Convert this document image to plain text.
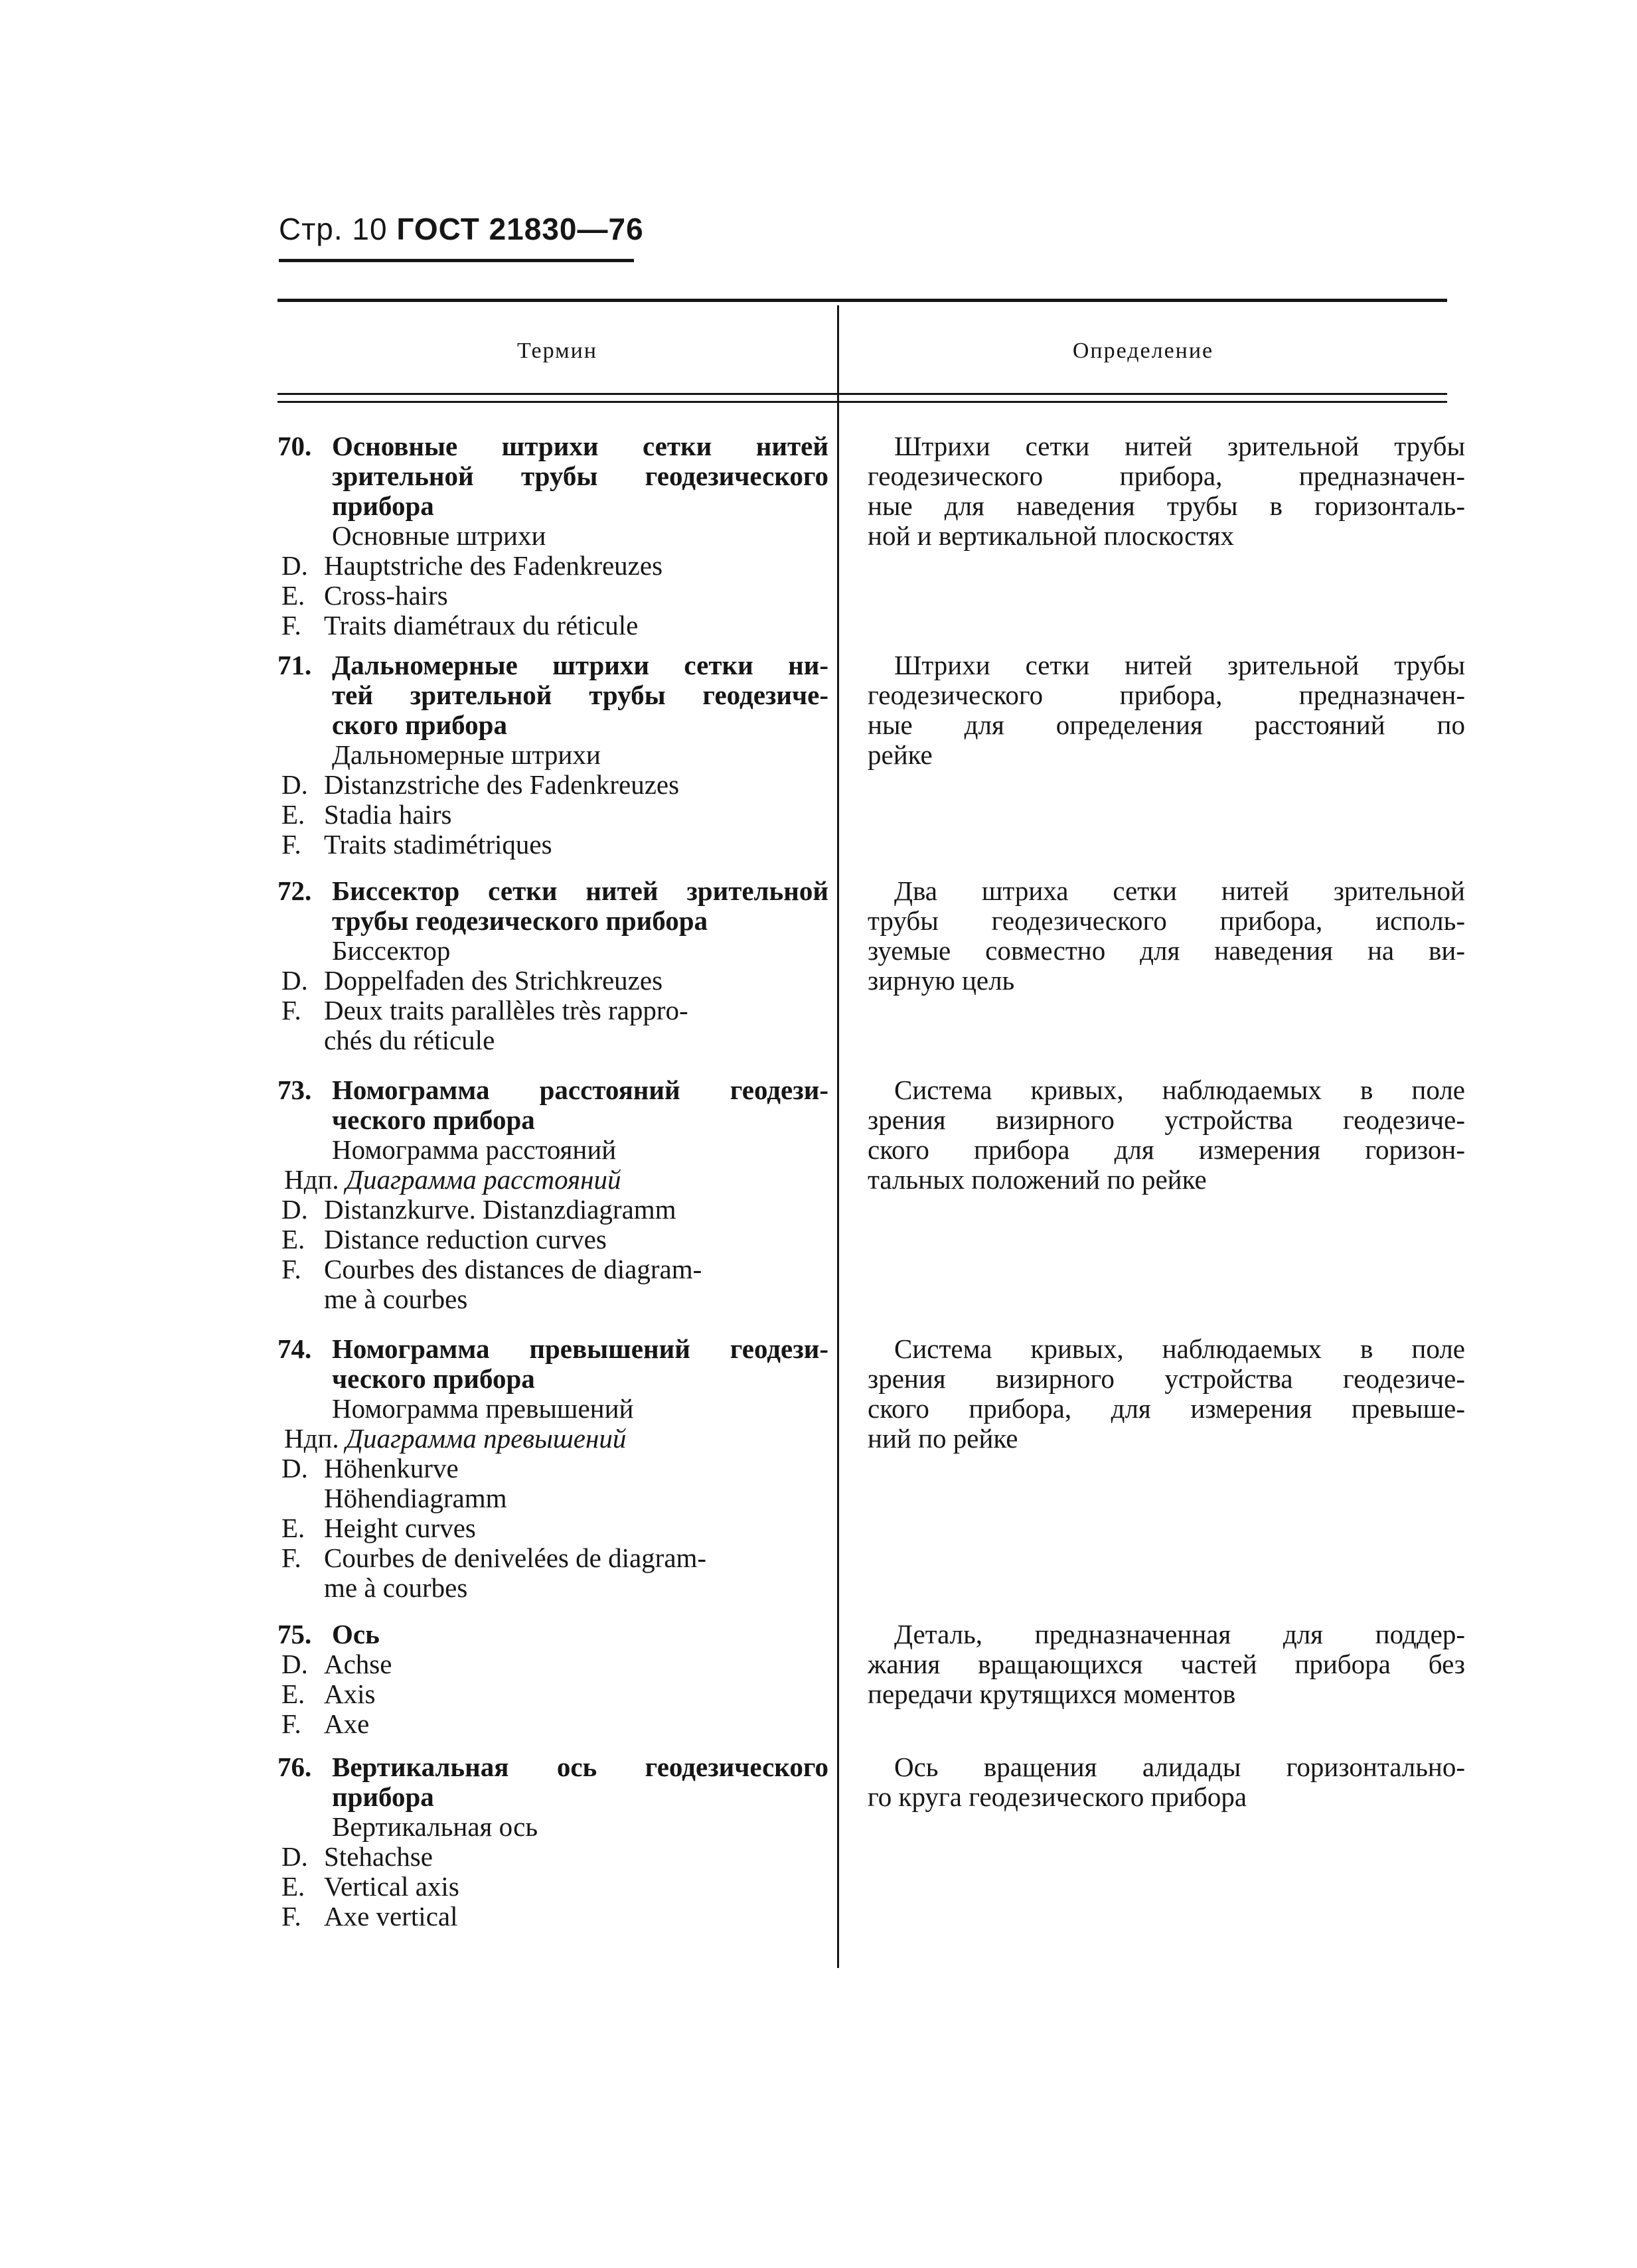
Стр. 10 ГОСТ 21830—76
Термин	Определение
70. Основные штрихи сетки нитей
зрительной трубы геодезического
прибора
Основные штрихи
D. Hauptstriche des Fadenkreuzes
E. Cross-hairs
F. Traits diamétraux du réticule
Штрихи сетки нитей зрительной трубы
геодезического прибора, предназначен-
ные для наведения трубы в горизонталь-
ной и вертикальной плоскостях
71. Дальномерные штрихи сетки ни-
тей зрительной трубы геодезиче-
ского прибора
Дальномерные штрихи
D. Distanzstriche des Fadenkreuzes
E. Stadia hairs
F. Traits stadimétriques
Штрихи сетки нитей зрительной трубы
геодезического прибора, предназначен-
ные для определения расстояний по
рейке
72. Биссектор сетки нитей зрительной
трубы геодезического прибора
Биссектор
D. Doppelfaden des Strichkreuzes
F. Deux traits parallèles très rappro-
chés du réticule
Два штриха сетки нитей зрительной
трубы геодезического прибора, исполь-
зуемые совместно для наведения на ви-
зирную цель
73. Номограмма расстояний геодези-
ческого прибора
Номограмма расстояний
Ндп. Диаграмма расстояний
D. Distanzkurve. Distanzdiagramm
E. Distance reduction curves
F. Courbes des distances de diagram-
me à courbes
Система кривых, наблюдаемых в поле
зрения визирного устройства геодезиче-
ского прибора для измерения горизон-
тальных положений по рейке
74. Номограмма превышений геодези-
ческого прибора
Номограмма превышений
Ндп. Диаграмма превышений
D. Höhenkurve
Höhendiagramm
E. Height curves
F. Courbes de denivelées de diagram-
me à courbes
Система кривых, наблюдаемых в поле
зрения визирного устройства геодезиче-
ского прибора, для измерения превыше-
ний по рейке
75. Ось
D. Achse
E. Axis
F. Axe
Деталь, предназначенная для поддер-
жания вращающихся частей прибора без
передачи крутящихся моментов
76. Вертикальная ось геодезического
прибора
Вертикальная ось
D. Stehachse
E. Vertical axis
F. Axe vertical
Ось вращения алидады горизонтально-
го круга геодезического прибора
